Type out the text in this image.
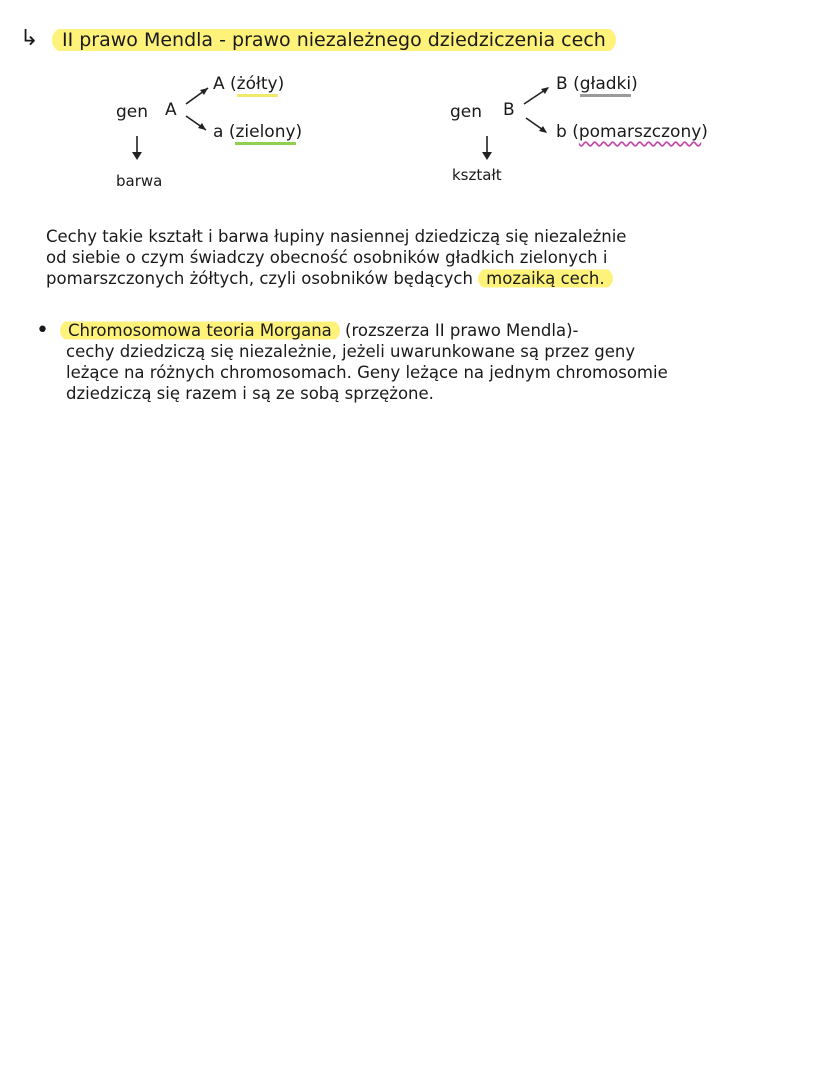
↳	II prawo Mendla - prawo niezależnego dziedziczenia cech
gen A
A (żółty)
a (zielony)
barwa
gen B
B (gładki)
b (pomarszczony)
kształt
Cechy takie kształt i barwa łupiny nasiennej dziedziczą się niezależnie
od siebie o czym świadczy obecność osobników gładkich zielonych i
pomarszczonych żółtych, czyli osobników będących mozaiką cech.
•	Chromosomowa teoria Morgana (rozszerza II prawo Mendla)-
cechy dziedziczą się niezależnie, jeżeli uwarunkowane są przez geny
leżące na różnych chromosomach. Geny leżące na jednym chromosomie
dziedziczą się razem i są ze sobą sprzężone.
